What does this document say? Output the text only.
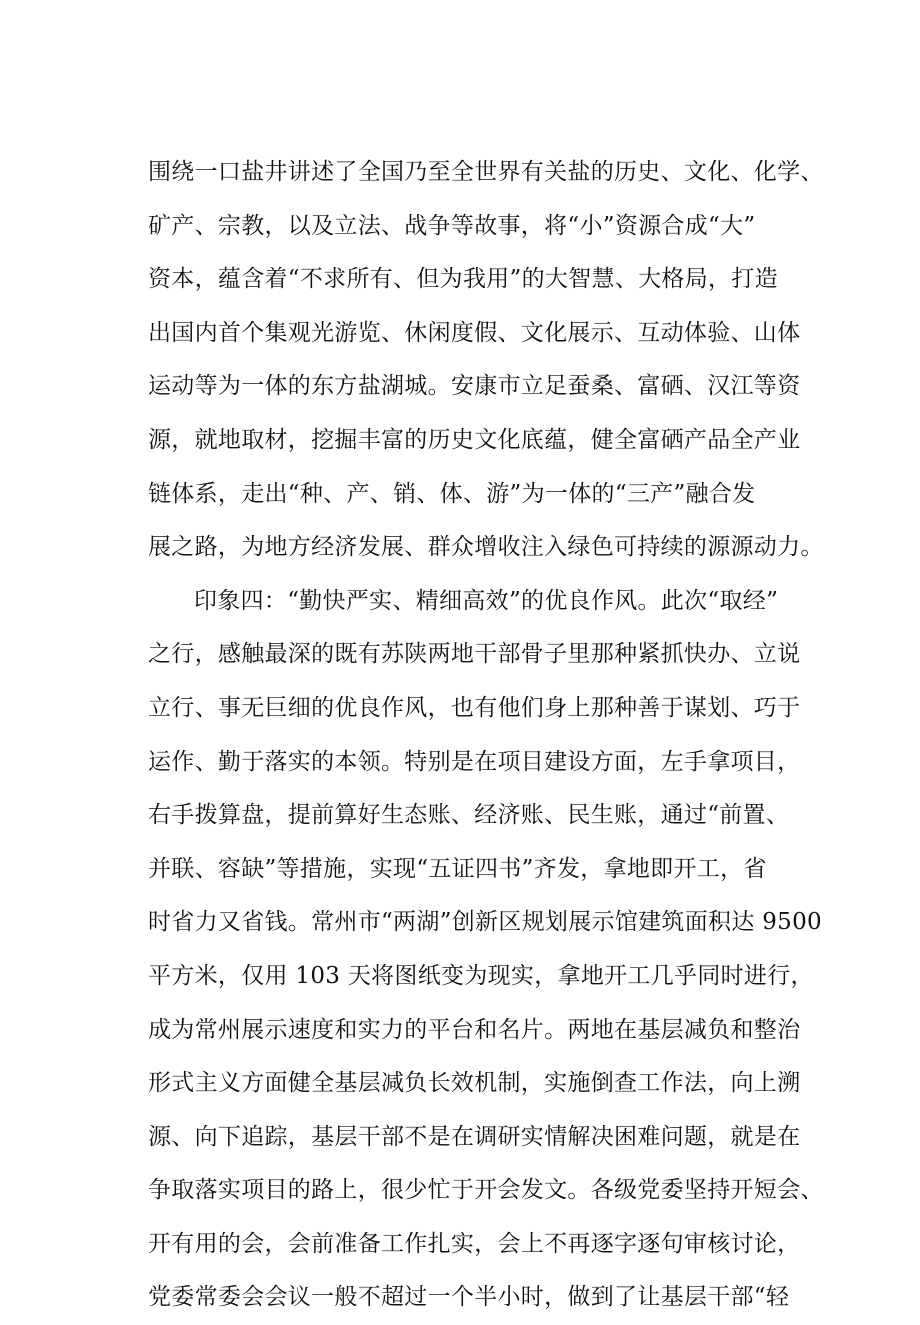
围绕一口盐井讲述了全国乃至全世界有关盐的历史、文化、化学、
矿产、宗教，以及立法、战争等故事，将“小”资源合成“大”
资本，蕴含着“不求所有、但为我用”的大智慧、大格局，打造
出国内首个集观光游览、休闲度假、文化展示、互动体验、山体
运动等为一体的东方盐湖城。安康市立足蚕桑、富硒、汉江等资
源，就地取材，挖掘丰富的历史文化底蕴，健全富硒产品全产业
链体系，走出“种、产、销、体、游”为一体的“三产”融合发
展之路，为地方经济发展、群众增收注入绿色可持续的源源动力。
印象四：“勤快严实、精细高效”的优良作风。此次“取经”
之行，感触最深的既有苏陕两地干部骨子里那种紧抓快办、立说
立行、事无巨细的优良作风，也有他们身上那种善于谋划、巧于
运作、勤于落实的本领。特别是在项目建设方面，左手拿项目，
右手拨算盘，提前算好生态账、经济账、民生账，通过“前置、
并联、容缺”等措施，实现“五证四书”齐发，拿地即开工，省
时省力又省钱。常州市“两湖”创新区规划展示馆建筑面积达 9500
平方米，仅用 103 天将图纸变为现实，拿地开工几乎同时进行，
成为常州展示速度和实力的平台和名片。两地在基层减负和整治
形式主义方面健全基层减负长效机制，实施倒查工作法，向上溯
源、向下追踪，基层干部不是在调研实情解决困难问题，就是在
争取落实项目的路上，很少忙于开会发文。各级党委坚持开短会、
开有用的会，会前准备工作扎实，会上不再逐字逐句审核讨论，
党委常委会会议一般不超过一个半小时，做到了让基层干部“轻
